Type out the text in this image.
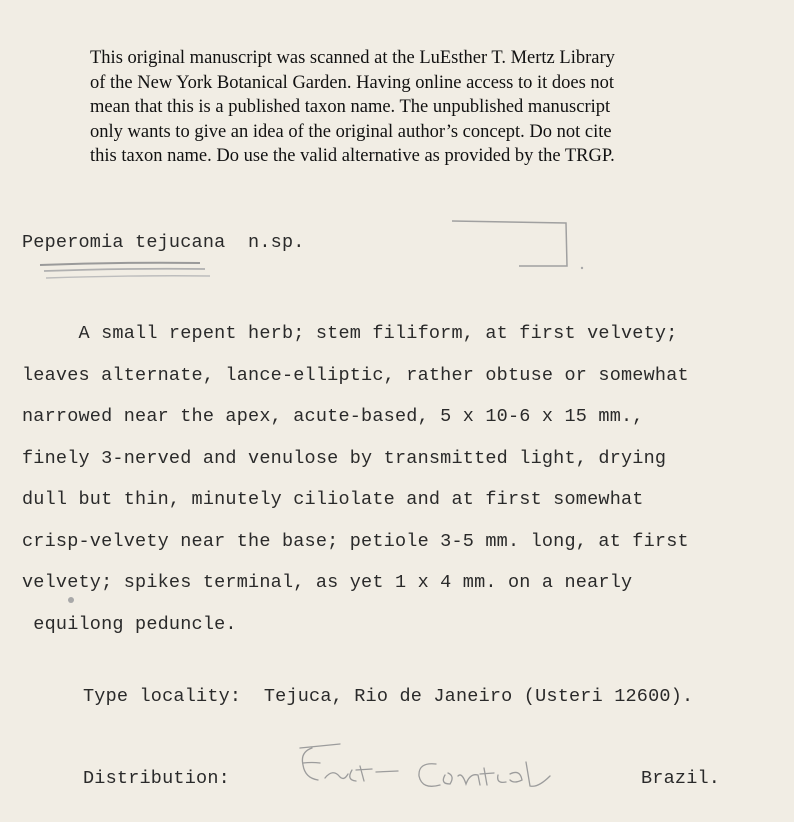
This original manuscript was scanned at the LuEsther T. Mertz Library
of the New York Botanical Garden. Having online access to it does not
mean that this is a published taxon name. The unpublished manuscript
only wants to give an idea of the original author’s concept. Do not cite
this taxon name. Do use the valid alternative as provided by the TRGP.
Peperomia tejucana n.sp.
A small repent herb; stem filiform, at first velvety;
leaves alternate, lance-elliptic, rather obtuse or somewhat
narrowed near the apex, acute-based, 5 x 10-6 x 15 mm.,
finely 3-nerved and venulose by transmitted light, drying
dull but thin, minutely ciliolate and at first somewhat
crisp-velvety near the base; petiole 3-5 mm. long, at first
velvety; spikes terminal, as yet 1 x 4 mm. on a nearly
equilong peduncle.
Type locality: Tejuca, Rio de Janeiro (Usteri 12600).
Distribution:	Brazil.
